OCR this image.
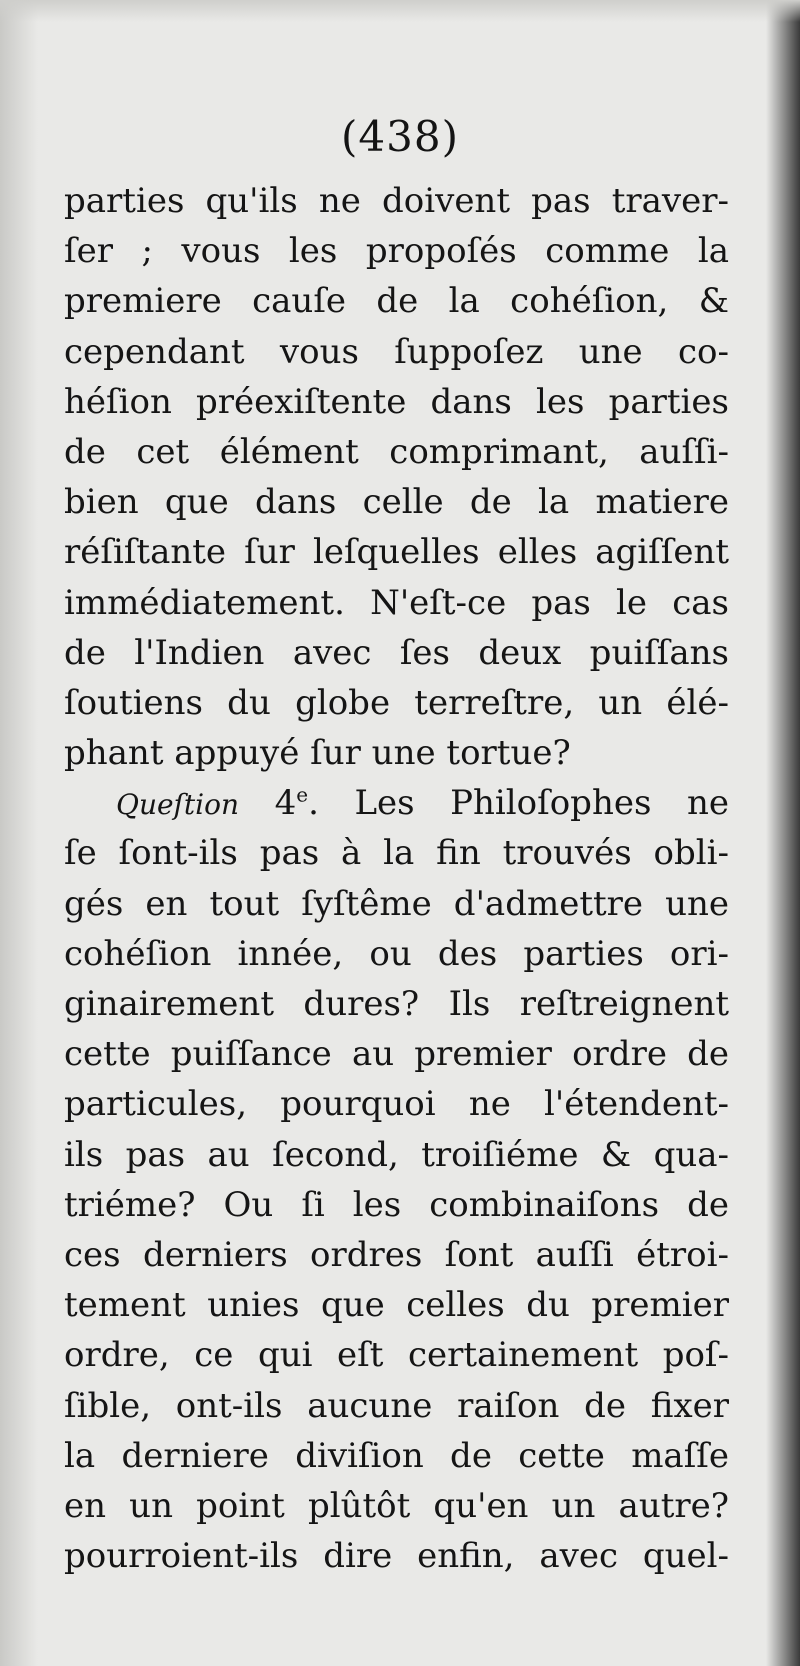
(438)
parties qu'ils ne doivent pas traver-
ſer ; vous les propoſés comme la
premiere cauſe de la cohéſion, &
cependant vous ſuppoſez une co-
héſion préexiſtente dans les parties
de cet élément comprimant, auſſi-
bien que dans celle de la matiere
réſiſtante ſur leſquelles elles agiſſent
immédiatement. N'eſt-ce pas le cas
de l'Indien avec ſes deux puiſſans
ſoutiens du globe terreſtre, un élé-
phant appuyé ſur une tortue?
Queſtion 4e. Les Philoſophes ne
ſe ſont-ils pas à la fin trouvés obli-
gés en tout ſyſtême d'admettre une
cohéſion innée, ou des parties ori-
ginairement dures? Ils reſtreignent
cette puiſſance au premier ordre de
particules, pourquoi ne l'étendent-
ils pas au ſecond, troiſiéme & qua-
triéme? Ou ſi les combinaiſons de
ces derniers ordres ſont auſſi étroi-
tement unies que celles du premier
ordre, ce qui eſt certainement poſ-
ſible, ont-ils aucune raiſon de fixer
la derniere diviſion de cette maſſe
en un point plûtôt qu'en un autre?
pourroient-ils dire enfin, avec quel-
